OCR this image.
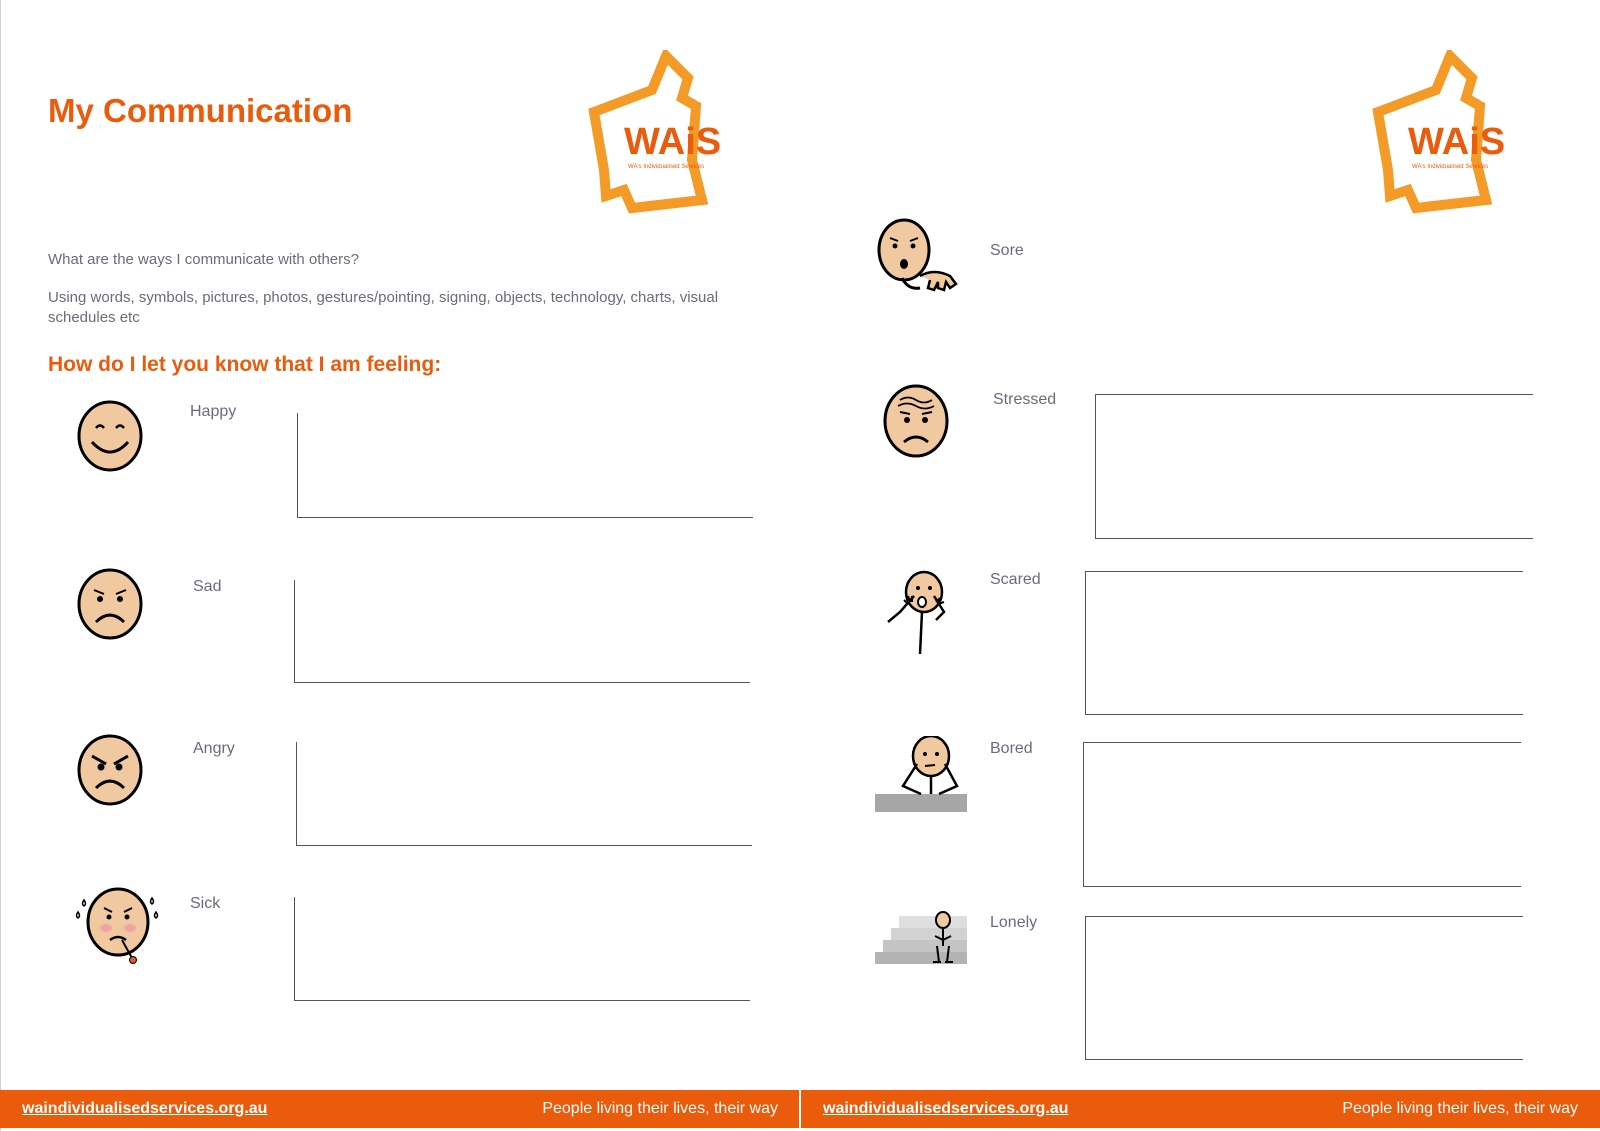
My Communication
WAiS
WA's Individualised Services
WAiS
WA's Individualised Services
What are the ways I communicate with others?
Using words, symbols, pictures, photos, gestures/pointing, signing, objects, technology, charts, visual schedules etc
How do I let you know that I am feeling:
Happy
Sad
Angry
Sick
Sore
Stressed
Scared
Bored
Lonely
waindividualisedservices.org.au	People living their lives, their way	waindividualisedservices.org.au	People living their lives, their way
